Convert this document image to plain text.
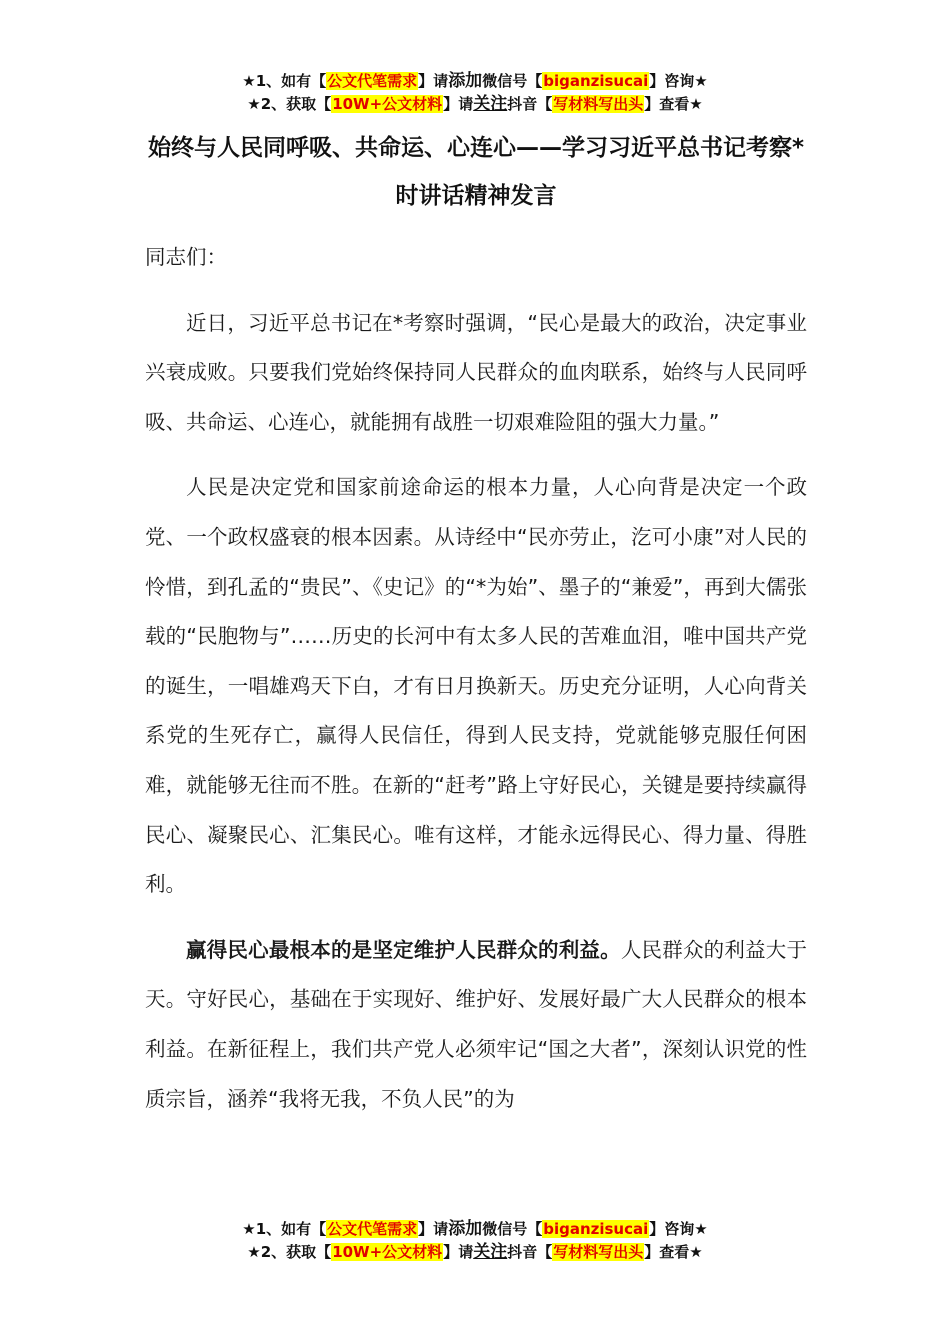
★1、如有【公文代笔需求】请添加微信号【biganzisucai】咨询★
★2、获取【10W+公文材料】请关注抖音【写材料写出头】查看★
始终与人民同呼吸、共命运、心连心——学习习近平总书记考察*时讲话精神发言

同志们：

近日，习近平总书记在*考察时强调，“民心是最大的政治，决定事业兴衰成败。只要我们党始终保持同人民群众的血肉联系，始终与人民同呼吸、共命运、心连心，就能拥有战胜一切艰难险阻的强大力量。”

人民是决定党和国家前途命运的根本力量，人心向背是决定一个政党、一个政权盛衰的根本因素。从诗经中“民亦劳止，汔可小康”对人民的怜惜，到孔孟的“贵民”、《史记》的“*为始”、墨子的“兼爱”，再到大儒张载的“民胞物与”……历史的长河中有太多人民的苦难血泪，唯中国共产党的诞生，一唱雄鸡天下白，才有日月换新天。历史充分证明，人心向背关系党的生死存亡，赢得人民信任，得到人民支持，党就能够克服任何困难，就能够无往而不胜。在新的“赶考”路上守好民心，关键是要持续赢得民心、凝聚民心、汇集民心。唯有这样，才能永远得民心、得力量、得胜利。

赢得民心最根本的是坚定维护人民群众的利益。人民群众的利益大于天。守好民心，基础在于实现好、维护好、发展好最广大人民群众的根本利益。在新征程上，我们共产党人必须牢记“国之大者”，深刻认识党的性质宗旨，涵养“我将无我，不负人民”的为

★1、如有【公文代笔需求】请添加微信号【biganzisucai】咨询★
★2、获取【10W+公文材料】请关注抖音【写材料写出头】查看★
